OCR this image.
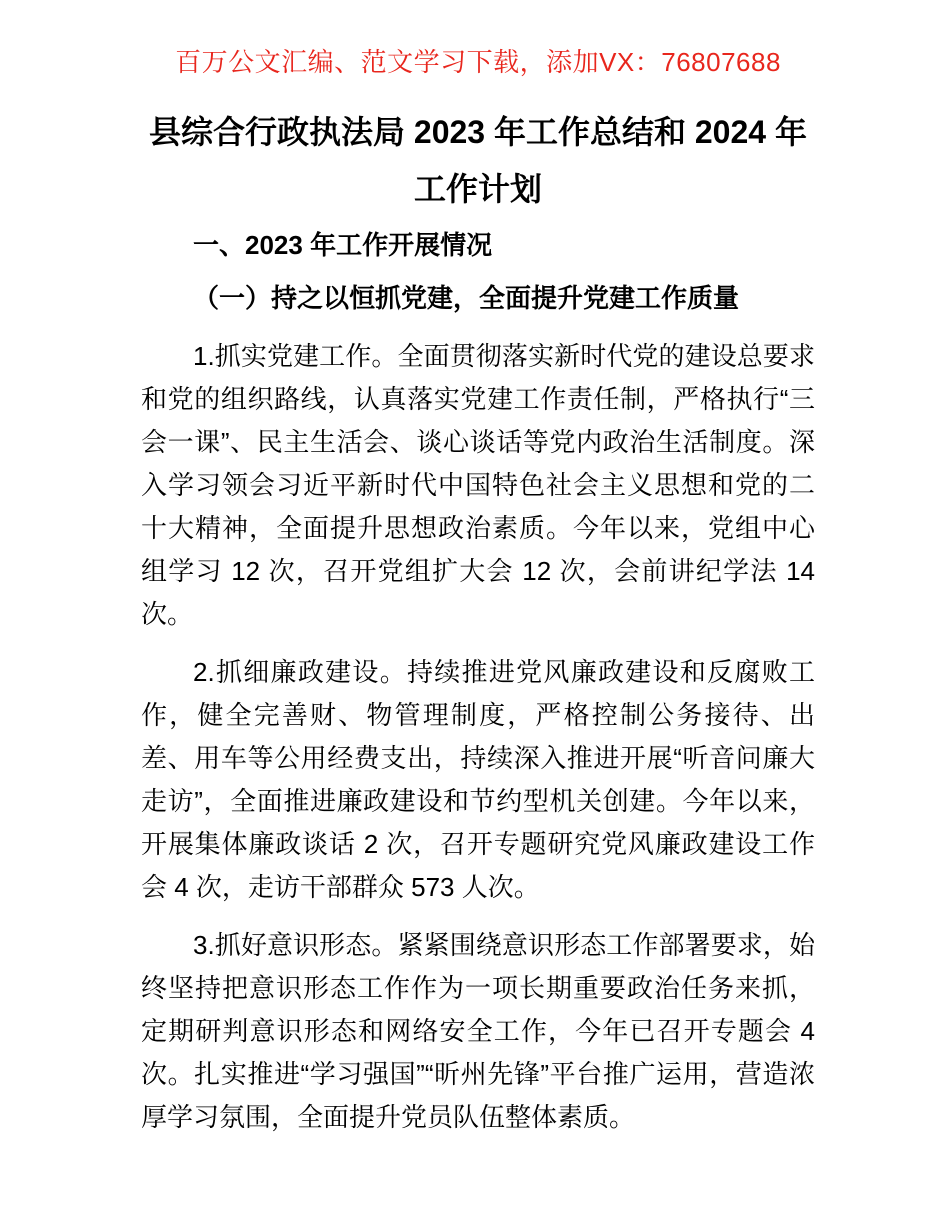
百万公文汇编、范文学习下载，添加VX：76807688
县综合行政执法局 2023 年工作总结和 2024 年
工作计划
一、2023 年工作开展情况
（一）持之以恒抓党建，全面提升党建工作质量

1.抓实党建工作。全面贯彻落实新时代党的建设总要求和党的组织路线，认真落实党建工作责任制，严格执行“三会一课”、民主生活会、谈心谈话等党内政治生活制度。深入学习领会习近平新时代中国特色社会主义思想和党的二十大精神，全面提升思想政治素质。今年以来，党组中心组学习 12 次，召开党组扩大会 12 次，会前讲纪学法 14 次。

2.抓细廉政建设。持续推进党风廉政建设和反腐败工作，健全完善财、物管理制度，严格控制公务接待、出差、用车等公用经费支出，持续深入推进开展“听音问廉大走访”，全面推进廉政建设和节约型机关创建。今年以来，开展集体廉政谈话 2 次，召开专题研究党风廉政建设工作会 4 次，走访干部群众 573 人次。

3.抓好意识形态。紧紧围绕意识形态工作部署要求，始终坚持把意识形态工作作为一项长期重要政治任务来抓，定期研判意识形态和网络安全工作，今年已召开专题会 4 次。扎实推进“学习强国”“昕州先锋”平台推广运用，营造浓厚学习氛围，全面提升党员队伍整体素质。
